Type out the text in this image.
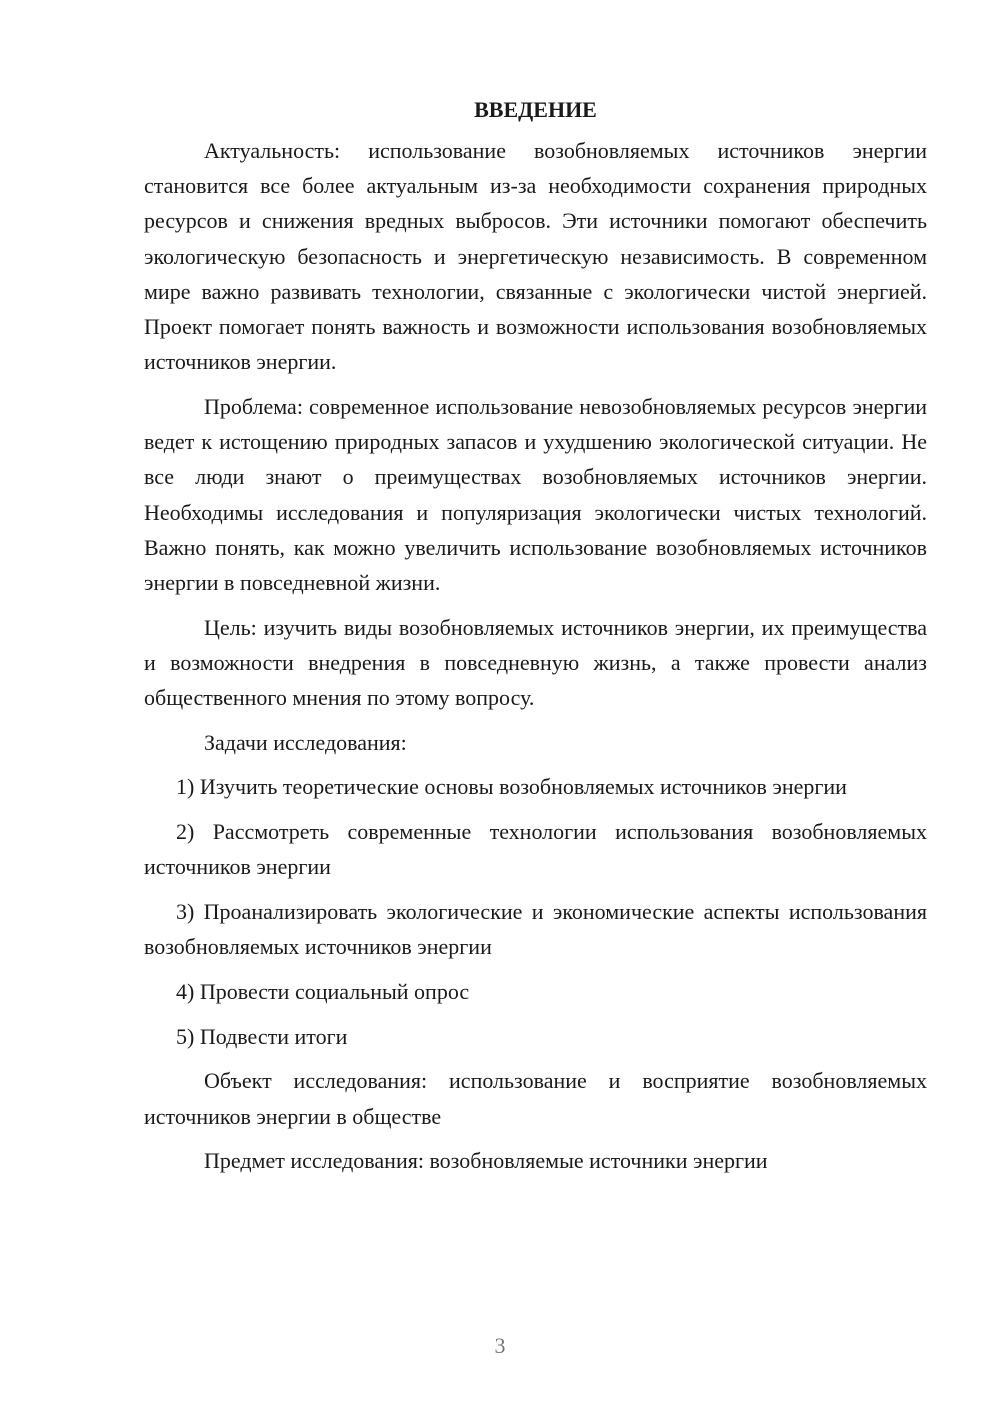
ВВЕДЕНИЕ

Актуальность: использование возобновляемых источников энергии становится все более актуальным из-за необходимости сохранения природных ресурсов и снижения вредных выбросов. Эти источники помогают обеспечить экологическую безопасность и энергетическую независимость. В современном мире важно развивать технологии, связанные с экологически чистой энергией. Проект помогает понять важность и возможности использования возобновляемых источников энергии.

Проблема: современное использование невозобновляемых ресурсов энергии ведет к истощению природных запасов и ухудшению экологической ситуации. Не все люди знают о преимуществах возобновляемых источников энергии. Необходимы исследования и популяризация экологически чистых технологий. Важно понять, как можно увеличить использование возобновляемых источников энергии в повседневной жизни.

Цель: изучить виды возобновляемых источников энергии, их преимущества и возможности внедрения в повседневную жизнь, а также провести анализ общественного мнения по этому вопросу.

Задачи исследования:

1) Изучить теоретические основы возобновляемых источников энергии

2) Рассмотреть современные технологии использования возобновляемых источников энергии

3) Проанализировать экологические и экономические аспекты использования возобновляемых источников энергии

4) Провести социальный опрос

5) Подвести итоги

Объект исследования: использование и восприятие возобновляемых источников энергии в обществе

Предмет исследования: возобновляемые источники энергии

3
